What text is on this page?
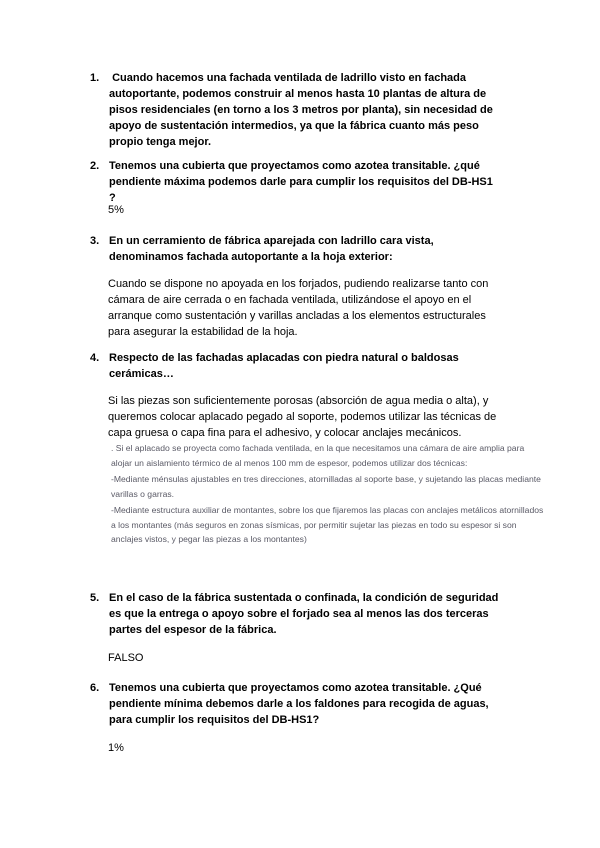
1. Cuando hacemos una fachada ventilada de ladrillo visto en fachada autoportante, podemos construir al menos hasta 10 plantas de altura de pisos residenciales (en torno a los 3 metros por planta), sin necesidad de apoyo de sustentación intermedios, ya que la fábrica cuanto más peso propio tenga mejor.
2. Tenemos una cubierta que proyectamos como azotea transitable. ¿qué pendiente máxima podemos darle para cumplir los requisitos del DB-HS1 ?
5%
3. En un cerramiento de fábrica aparejada con ladrillo cara vista, denominamos fachada autoportante a la hoja exterior:
Cuando se dispone no apoyada en los forjados, pudiendo realizarse tanto con cámara de aire cerrada o en fachada ventilada, utilizándose el apoyo en el arranque como sustentación y varillas ancladas a los elementos estructurales para asegurar la estabilidad de la hoja.
4. Respecto de las fachadas aplacadas con piedra natural o baldosas cerámicas…
Si las piezas son suficientemente porosas (absorción de agua media o alta), y queremos colocar aplacado pegado al soporte, podemos utilizar las técnicas de capa gruesa o capa fina para el adhesivo, y colocar anclajes mecánicos.

. Si el aplacado se proyecta como fachada ventilada, en la que necesitamos una cámara de aire amplia para alojar un aislamiento térmico de al menos 100 mm de espesor, podemos utilizar dos técnicas:

-Mediante ménsulas ajustables en tres direcciones, atornilladas al soporte base, y sujetando las placas mediante varillas o garras.

-Mediante estructura auxiliar de montantes, sobre los que fijaremos las placas con anclajes metálicos atornillados a los montantes (más seguros en zonas sísmicas, por permitir sujetar las piezas en todo su espesor si son anclajes vistos, y pegar las piezas a los montantes)

5. En el caso de la fábrica sustentada o confinada, la condición de seguridad es que la entrega o apoyo sobre el forjado sea al menos las dos terceras partes del espesor de la fábrica.
FALSO
6. Tenemos una cubierta que proyectamos como azotea transitable. ¿Qué pendiente mínima debemos darle a los faldones para recogida de aguas, para cumplir los requisitos del DB-HS1?
1%
